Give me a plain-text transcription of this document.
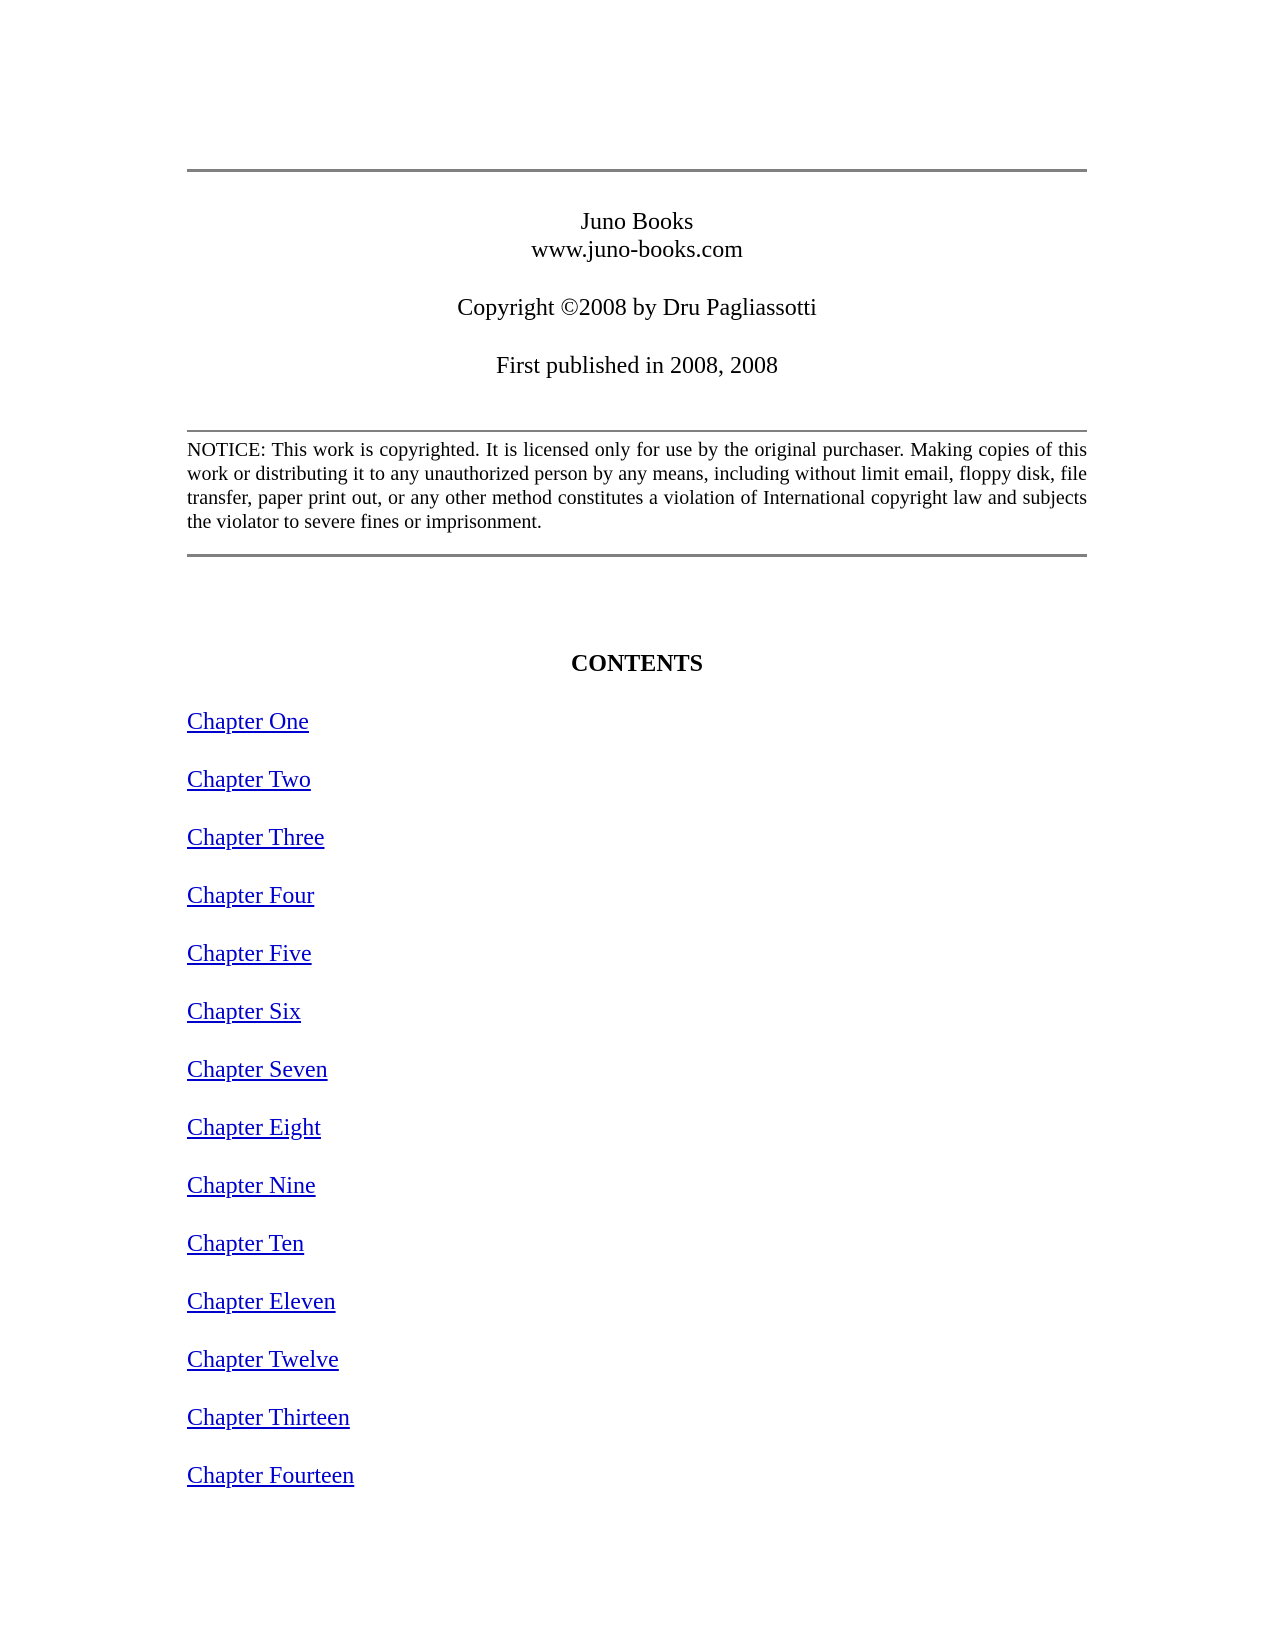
Juno Books
www.juno-books.com
Copyright ©2008 by Dru Pagliassotti
First published in 2008, 2008
NOTICE: This work is copyrighted. It is licensed only for use by the original purchaser. Making copies of this work or distributing it to any unauthorized person by any means, including without limit email, floppy disk, file transfer, paper print out, or any other method constitutes a violation of International copyright law and subjects the violator to severe fines or imprisonment.
CONTENTS
Chapter One
Chapter Two
Chapter Three
Chapter Four
Chapter Five
Chapter Six
Chapter Seven
Chapter Eight
Chapter Nine
Chapter Ten
Chapter Eleven
Chapter Twelve
Chapter Thirteen
Chapter Fourteen
